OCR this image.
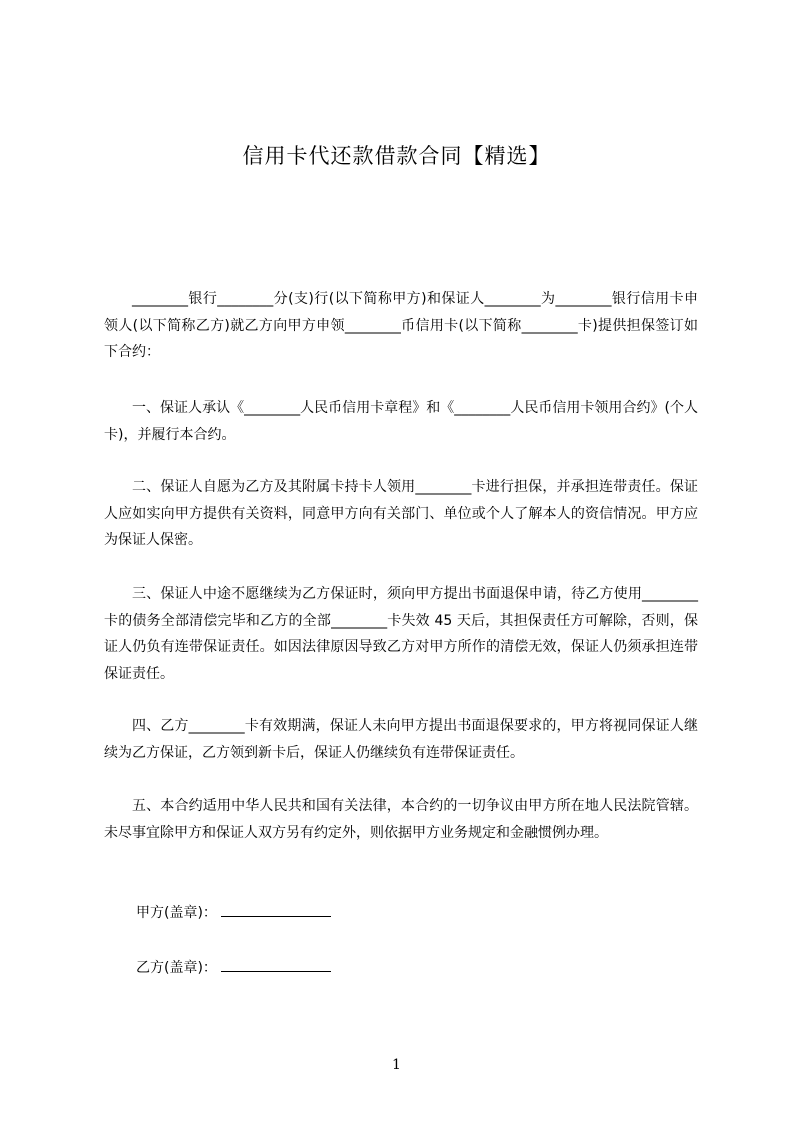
信用卡代还款借款合同【精选】
________银行________分(支)行(以下简称甲方)和保证人________为________银行信用卡申领人(以下简称乙方)就乙方向甲方申领________币信用卡(以下简称________卡)提供担保签订如下合约：
一、保证人承认《________人民币信用卡章程》和《________人民币信用卡领用合约》(个人卡)，并履行本合约。
二、保证人自愿为乙方及其附属卡持卡人领用________卡进行担保，并承担连带责任。保证人应如实向甲方提供有关资料，同意甲方向有关部门、单位或个人了解本人的资信情况。甲方应为保证人保密。
三、保证人中途不愿继续为乙方保证时，须向甲方提出书面退保申请，待乙方使用________卡的债务全部清偿完毕和乙方的全部________卡失效 45 天后，其担保责任方可解除，否则，保证人仍负有连带保证责任。如因法律原因导致乙方对甲方所作的清偿无效，保证人仍须承担连带保证责任。
四、乙方________卡有效期满，保证人未向甲方提出书面退保要求的，甲方将视同保证人继续为乙方保证，乙方领到新卡后，保证人仍继续负有连带保证责任。
五、本合约适用中华人民共和国有关法律，本合约的一切争议由甲方所在地人民法院管辖。未尽事宜除甲方和保证人双方另有约定外，则依据甲方业务规定和金融惯例办理。
甲方(盖章)：
乙方(盖章)：
1
